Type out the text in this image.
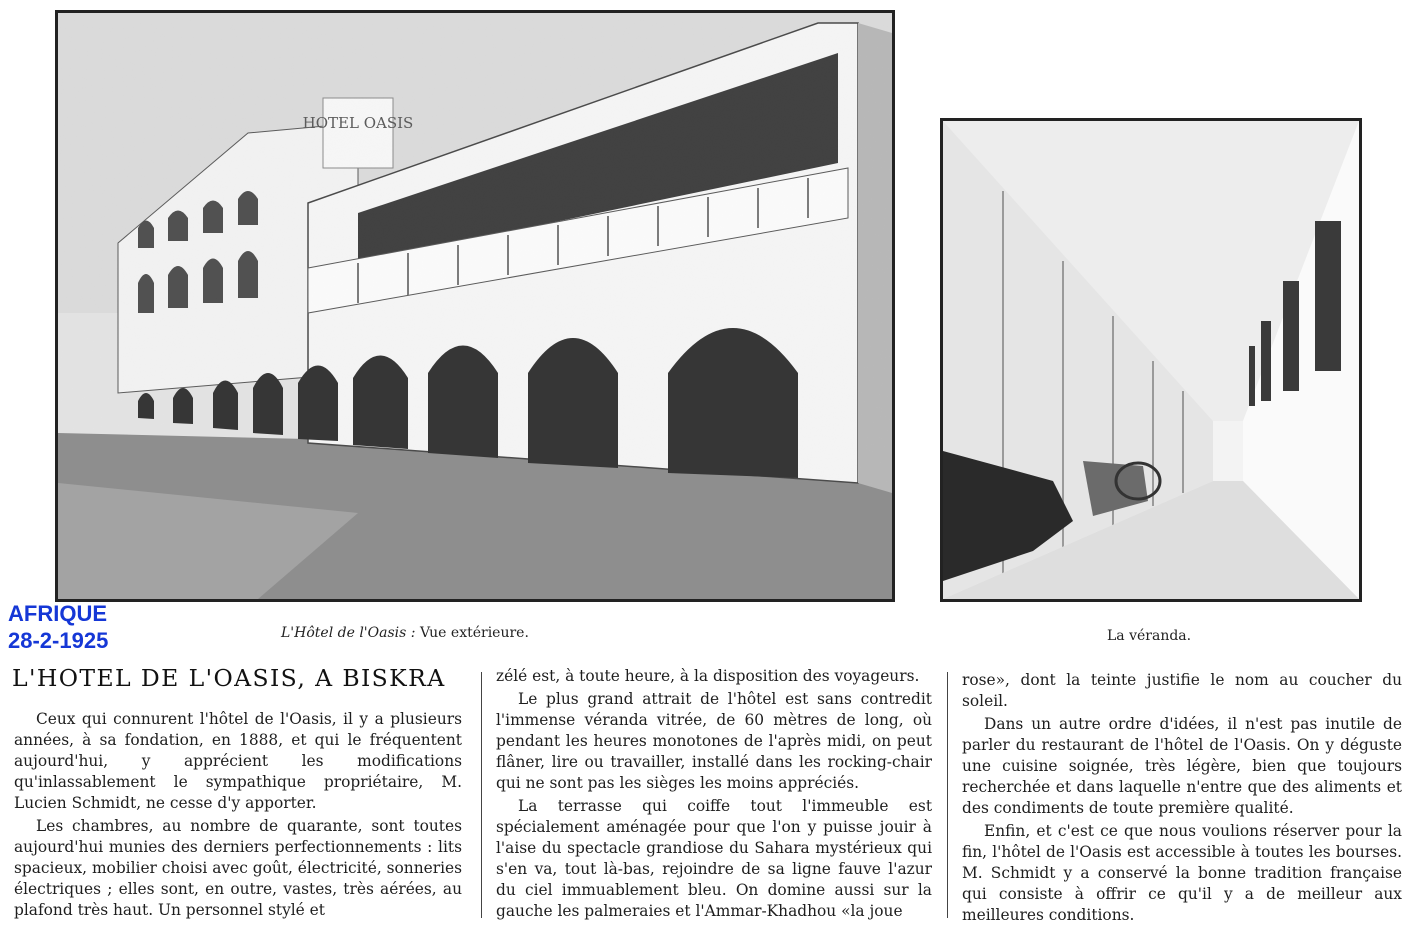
HOTEL OASIS
L'Hôtel de l'Oasis : Vue extérieure.	La véranda.
AFRIQUE
28-2-1925
L'HOTEL DE L'OASIS, A BISKRA

Ceux qui connurent l'hôtel de l'Oasis, il y a plusieurs années, à sa fondation, en 1888, et qui le fréquentent aujourd'hui, y apprécient les modifications qu'inlassablement le sympathique propriétaire, M. Lucien Schmidt, ne cesse d'y apporter.

Les chambres, au nombre de quarante, sont toutes aujourd'hui munies des derniers perfectionnements : lits spacieux, mobilier choisi avec goût, électricité, sonneries électriques ; elles sont, en outre, vastes, très aérées, au plafond très haut. Un personnel stylé et

zélé est, à toute heure, à la disposition des voyageurs.

Le plus grand attrait de l'hôtel est sans contredit l'immense véranda vitrée, de 60 mètres de long, où pendant les heures monotones de l'après midi, on peut flâner, lire ou travailler, installé dans les rocking-chair qui ne sont pas les sièges les moins appréciés.

La terrasse qui coiffe tout l'immeuble est spécialement aménagée pour que l'on y puisse jouir à l'aise du spectacle grandiose du Sahara mystérieux qui s'en va, tout là-bas, rejoindre de sa ligne fauve l'azur du ciel immuablement bleu. On domine aussi sur la gauche les palmeraies et l'Ammar-Khadhou «la joue

rose», dont la teinte justifie le nom au coucher du soleil.

Dans un autre ordre d'idées, il n'est pas inutile de parler du restaurant de l'hôtel de l'Oasis. On y déguste une cuisine soignée, très légère, bien que toujours recherchée et dans laquelle n'entre que des aliments et des condiments de toute première qualité.

Enfin, et c'est ce que nous voulions réserver pour la fin, l'hôtel de l'Oasis est accessible à toutes les bourses. M. Schmidt y a conservé la bonne tradition française qui consiste à offrir ce qu'il y a de meilleur aux meilleures conditions.
